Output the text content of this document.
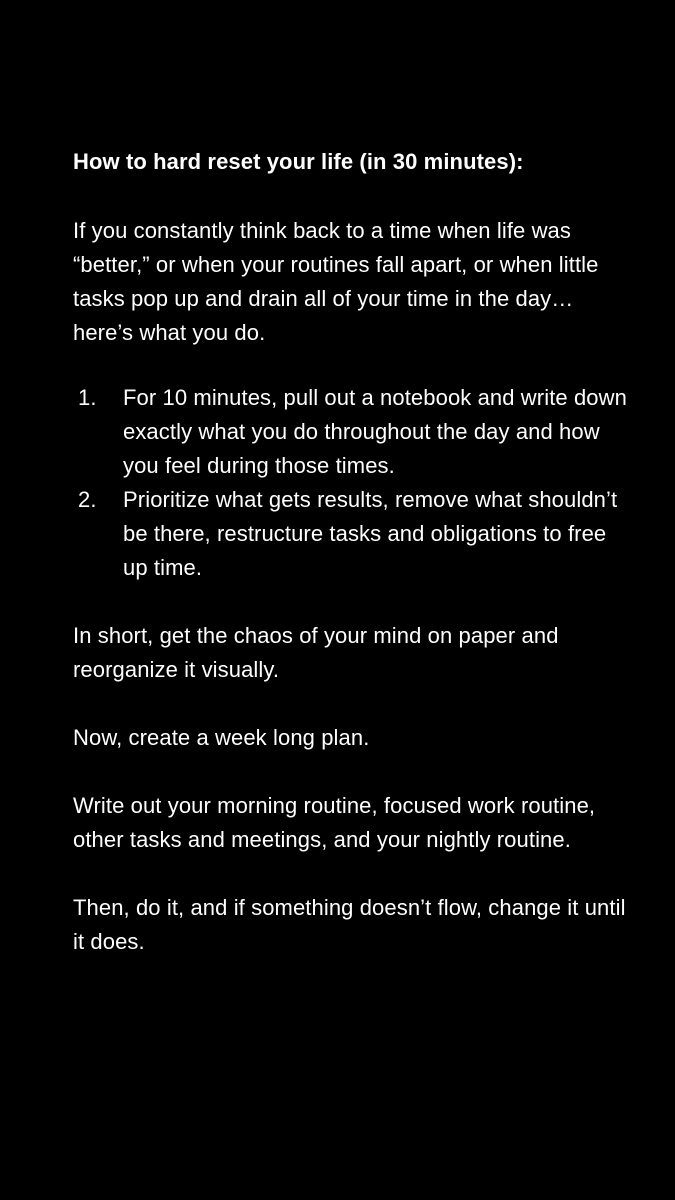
How to hard reset your life (in 30 minutes):

If you constantly think back to a time when life was “better,” or when your routines fall apart, or when little tasks pop up and drain all of your time in the day… here’s what you do.

1. For 10 minutes, pull out a notebook and write down exactly what you do throughout the day and how you feel during those times.
2. Prioritize what gets results, remove what shouldn’t be there, restructure tasks and obligations to free up time.

In short, get the chaos of your mind on paper and reorganize it visually.

Now, create a week long plan.

Write out your morning routine, focused work routine, other tasks and meetings, and your nightly routine.

Then, do it, and if something doesn’t flow, change it until it does.
